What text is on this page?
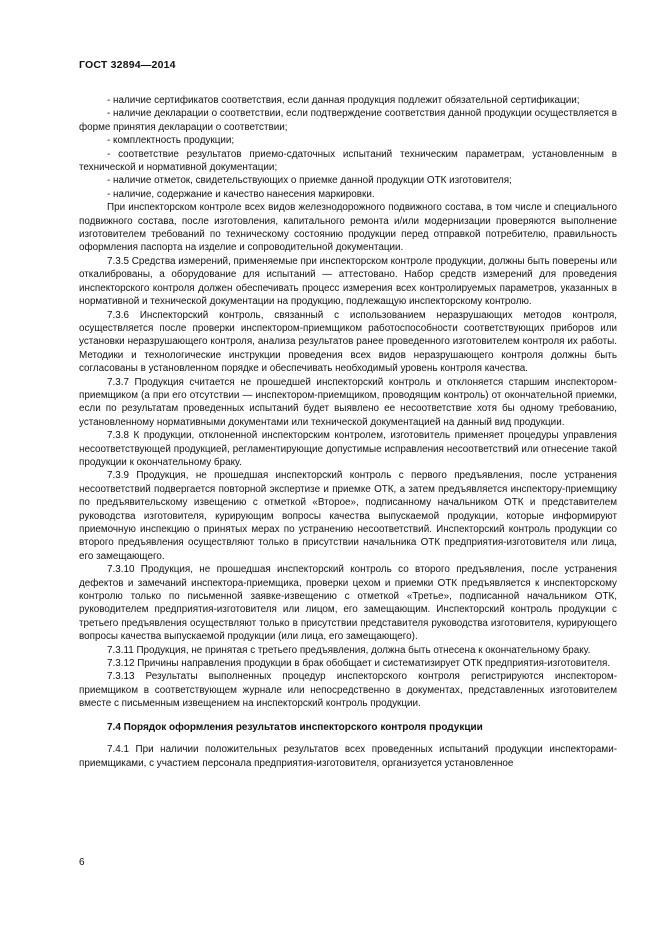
ГОСТ 32894—2014

- наличие сертификатов соответствия, если данная продукция подлежит обязательной сертификации;

- наличие декларации о соответствии, если подтверждение соответствия данной продукции осуществляется в форме принятия декларации о соответствии;

- комплектность продукции;

- соответствие результатов приемо-сдаточных испытаний техническим параметрам, установленным в технической и нормативной документации;

- наличие отметок, свидетельствующих о приемке данной продукции ОТК изготовителя;

- наличие, содержание и качество нанесения маркировки.

При инспекторском контроле всех видов железнодорожного подвижного состава, в том числе и специального подвижного состава, после изготовления, капитального ремонта и/или модернизации проверяются выполнение изготовителем требований по техническому состоянию продукции перед отправкой потребителю, правильность оформления паспорта на изделие и сопроводительной документации.

7.3.5 Средства измерений, применяемые при инспекторском контроле продукции, должны быть поверены или откалиброваны, а оборудование для испытаний — аттестовано. Набор средств измерений для проведения инспекторского контроля должен обеспечивать процесс измерения всех контролируемых параметров, указанных в нормативной и технической документации на продукцию, подлежащую инспекторскому контролю.

7.3.6 Инспекторский контроль, связанный с использованием неразрушающих методов контроля, осуществляется после проверки инспектором-приемщиком работоспособности соответствующих приборов или установки неразрушающего контроля, анализа результатов ранее проведенного изготовителем контроля их работы. Методики и технологические инструкции проведения всех видов неразрушающего контроля должны быть согласованы в установленном порядке и обеспечивать необходимый уровень контроля качества.

7.3.7 Продукция считается не прошедшей инспекторский контроль и отклоняется старшим инспектором-приемщиком (а при его отсутствии — инспектором-приемщиком, проводящим контроль) от окончательной приемки, если по результатам проведенных испытаний будет выявлено ее несоответствие хотя бы одному требованию, установленному нормативными документами или технической документацией на данный вид продукции.

7.3.8 К продукции, отклоненной инспекторским контролем, изготовитель применяет процедуры управления несоответствующей продукцией, регламентирующие допустимые исправления несоответствий или отнесение такой продукции к окончательному браку.

7.3.9 Продукция, не прошедшая инспекторский контроль с первого предъявления, после устранения несоответствий подвергается повторной экспертизе и приемке ОТК, а затем предъявляется инспектору-приемщику по предъявительскому извещению с отметкой «Второе», подписанному начальником ОТК и представителем руководства изготовителя, курирующим вопросы качества выпускаемой продукции, которые информируют приемочную инспекцию о принятых мерах по устранению несоответствий. Инспекторский контроль продукции со второго предъявления осуществляют только в присутствии начальника ОТК предприятия-изготовителя или лица, его замещающего.

7.3.10 Продукция, не прошедшая инспекторский контроль со второго предъявления, после устранения дефектов и замечаний инспектора-приемщика, проверки цехом и приемки ОТК предъявляется к инспекторскому контролю только по письменной заявке-извещению с отметкой «Третье», подписанной начальником ОТК, руководителем предприятия-изготовителя или лицом, его замещающим. Инспекторский контроль продукции с третьего предъявления осуществляют только в присутствии представителя руководства изготовителя, курирующего вопросы качества выпускаемой продукции (или лица, его замещающего).

7.3.11 Продукция, не принятая с третьего предъявления, должна быть отнесена к окончательному браку.

7.3.12 Причины направления продукции в брак обобщает и систематизирует ОТК предприятия-изготовителя.

7.3.13 Результаты выполненных процедур инспекторского контроля регистрируются инспектором-приемщиком в соответствующем журнале или непосредственно в документах, представленных изготовителем вместе с письменным извещением на инспекторский контроль продукции.

7.4 Порядок оформления результатов инспекторского контроля продукции

7.4.1 При наличии положительных результатов всех проведенных испытаний продукции инспекторами-приемщиками, с участием персонала предприятия-изготовителя, организуется установленное

6
